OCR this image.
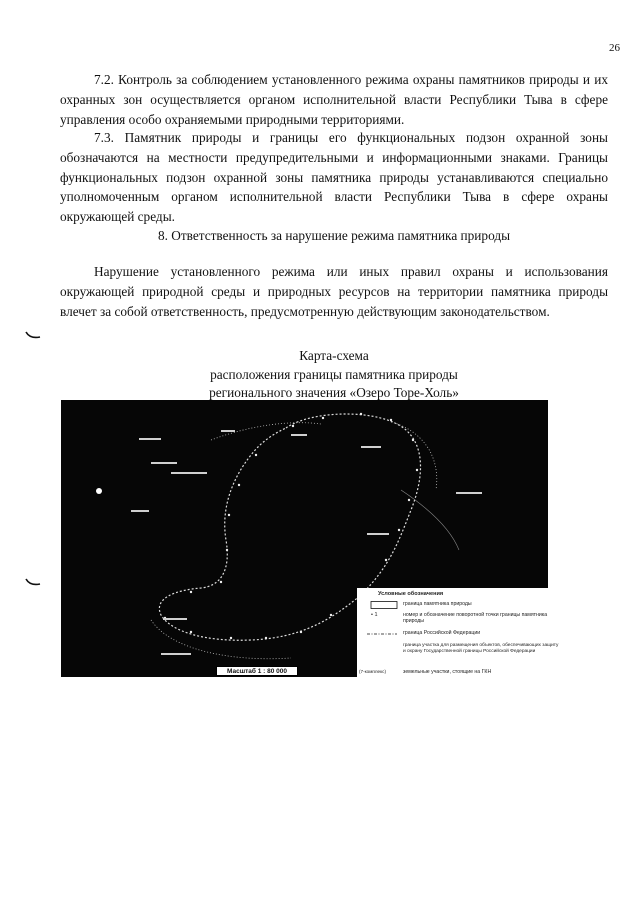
26

7.2. Контроль за соблюдением установленного режима охраны памятников природы и их охранных зон осуществляется органом исполнительной власти Республики Тыва в сфере управления особо охраняемыми природными территориями.

7.3. Памятник природы и границы его функциональных подзон охранной зоны обозначаются на местности предупредительными и информационными знаками. Границы функциональных подзон охранной зоны памятника природы устанавливаются специально уполномоченным органом исполнительной власти Республики Тыва в сфере охраны окружающей среды.

8. Ответственность за нарушение режима памятника природы

Нарушение установленного режима или иных правил охраны и использования окружающей природной среды и природных ресурсов на территории памятника природы влечет за собой ответственность, предусмотренную действующим законодательством.

Карта-схема
расположения границы памятника природы
регионального значения «Озеро Торе-Холь»
Масштаб 1 : 80 000
Условные обозначения
граница памятника природы
• 1	номер и обозначение поворотной точки границы памятника природы
граница Российской Федерации
граница участка для размещения объектов, обеспечивающих защиту и охрану Государственной границы Российской Федерации
(7-комплекс)	земельные участки, стоящие на ГКН
